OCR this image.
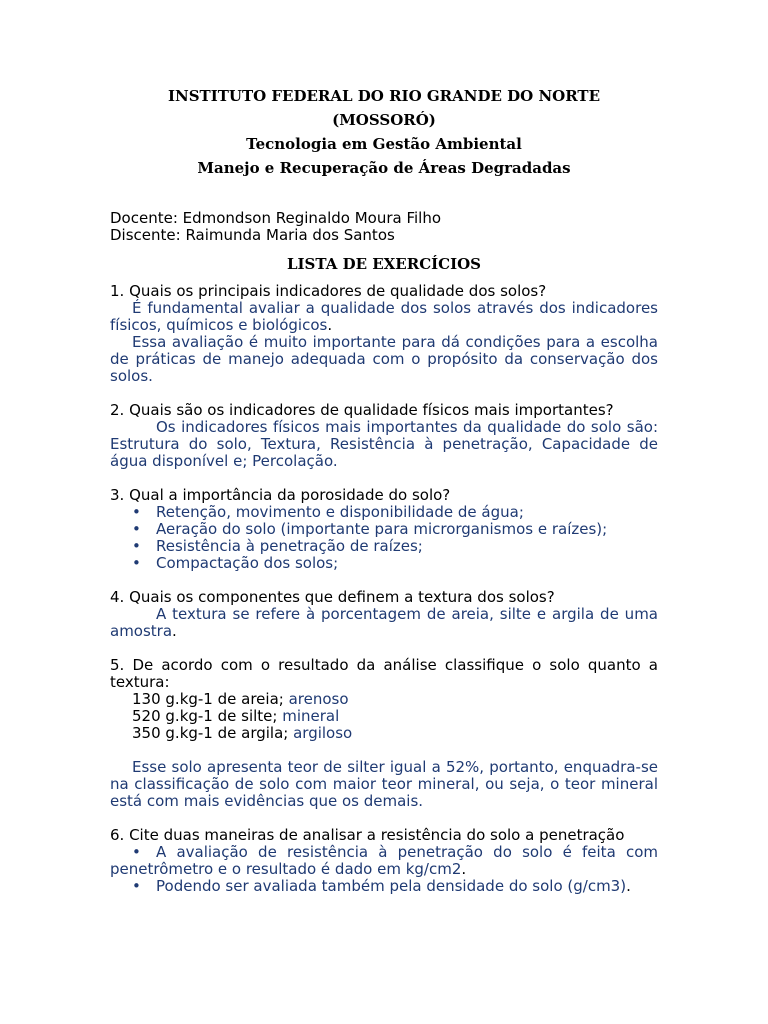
INSTITUTO FEDERAL DO RIO GRANDE DO NORTE
(MOSSORÓ)
Tecnologia em Gestão Ambiental
Manejo e Recuperação de Áreas Degradadas
Docente: Edmondson Reginaldo Moura Filho
Discente: Raimunda Maria dos Santos
LISTA DE EXERCÍCIOS
1. Quais os principais indicadores de qualidade dos solos?
É fundamental avaliar a qualidade dos solos através dos indicadores físicos, químicos e biológicos.
Essa avaliação é muito importante para dá condições para a escolha de práticas de manejo adequada com o propósito da conservação dos solos.
2. Quais são os indicadores de qualidade físicos mais importantes?
Os indicadores físicos mais importantes da qualidade do solo são: Estrutura do solo, Textura, Resistência à penetração, Capacidade de água disponível e; Percolação.
3. Qual a importância da porosidade do solo?
• Retenção, movimento e disponibilidade de água;
• Aeração do solo (importante para microrganismos e raízes);
• Resistência à penetração de raízes;
• Compactação dos solos;
4. Quais os componentes que definem a textura dos solos?
A textura se refere à porcentagem de areia, silte e argila de uma amostra.
5. De acordo com o resultado da análise classifique o solo quanto a textura:
130 g.kg-1 de areia; arenoso
520 g.kg-1 de silte; mineral
350 g.kg-1 de argila; argiloso
Esse solo apresenta teor de silter igual a 52%, portanto, enquadra-se na classificação de solo com maior teor mineral, ou seja, o teor mineral está com mais evidências que os demais.
6. Cite duas maneiras de analisar a resistência do solo a penetração
• A avaliação de resistência à penetração do solo é feita com penetrômetro e o resultado é dado em kg/cm2.
• Podendo ser avaliada também pela densidade do solo (g/cm3).
